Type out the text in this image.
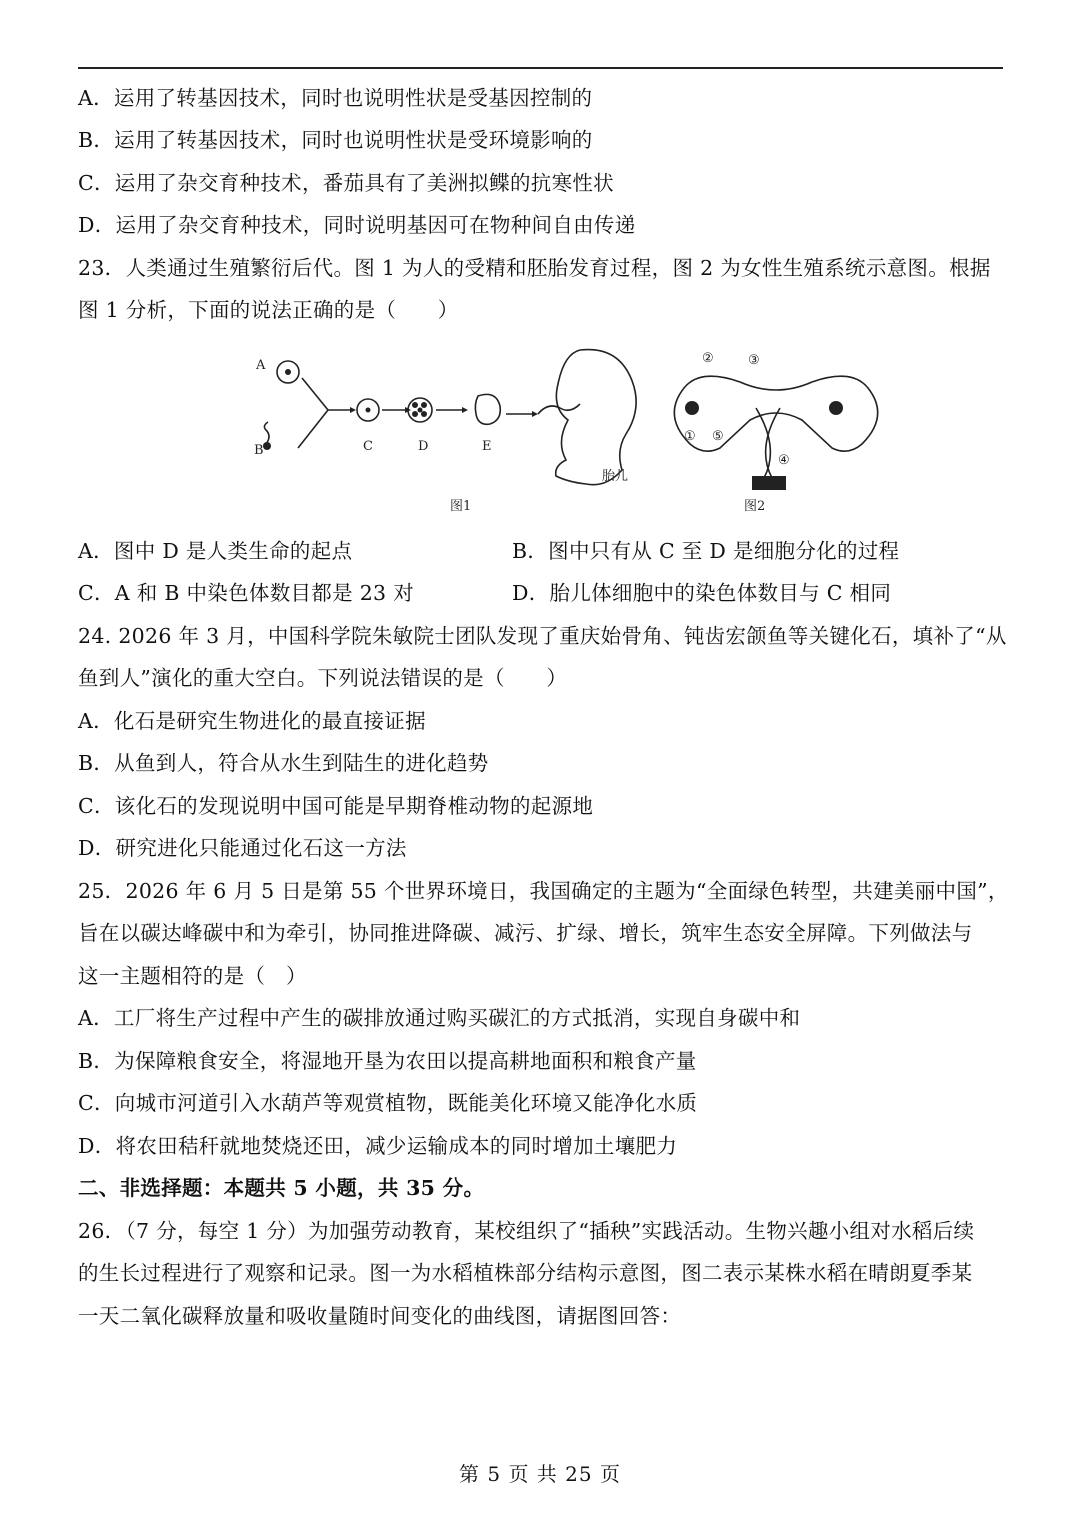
A．运用了转基因技术，同时也说明性状是受基因控制的
B．运用了转基因技术，同时也说明性状是受环境影响的
C．运用了杂交育种技术，番茄具有了美洲拟鲽的抗寒性状
D．运用了杂交育种技术，同时说明基因可在物种间自由传递
23．人类通过生殖繁衍后代。图 1 为人的受精和胚胎发育过程，图 2 为女性生殖系统示意图。根据
图 1 分析，下面的说法正确的是（　　）
A
B	C	D	E
胎儿
图1	图2
①
②	③
④
⑤
A．图中 D 是人类生命的起点	B．图中只有从 C 至 D 是细胞分化的过程
C．A 和 B 中染色体数目都是 23 对	D．胎儿体细胞中的染色体数目与 C 相同
24. 2026 年 3 月，中国科学院朱敏院士团队发现了重庆始骨角、钝齿宏颌鱼等关键化石，填补了“从
鱼到人”演化的重大空白。下列说法错误的是（　　）
A．化石是研究生物进化的最直接证据
B．从鱼到人，符合从水生到陆生的进化趋势
C．该化石的发现说明中国可能是早期脊椎动物的起源地
D．研究进化只能通过化石这一方法
25．2026 年 6 月 5 日是第 55 个世界环境日，我国确定的主题为“全面绿色转型，共建美丽中国”，
旨在以碳达峰碳中和为牵引，协同推进降碳、减污、扩绿、增长，筑牢生态安全屏障。下列做法与
这一主题相符的是（　）
A．工厂将生产过程中产生的碳排放通过购买碳汇的方式抵消，实现自身碳中和
B．为保障粮食安全，将湿地开垦为农田以提高耕地面积和粮食产量
C．向城市河道引入水葫芦等观赏植物，既能美化环境又能净化水质
D．将农田秸秆就地焚烧还田，减少运输成本的同时增加土壤肥力
二、非选择题：本题共 5 小题，共 35 分。
26．（7 分，每空 1 分）为加强劳动教育，某校组织了“插秧”实践活动。生物兴趣小组对水稻后续
的生长过程进行了观察和记录。图一为水稻植株部分结构示意图，图二表示某株水稻在晴朗夏季某
一天二氧化碳释放量和吸收量随时间变化的曲线图，请据图回答：
第 5 页 共 25 页
